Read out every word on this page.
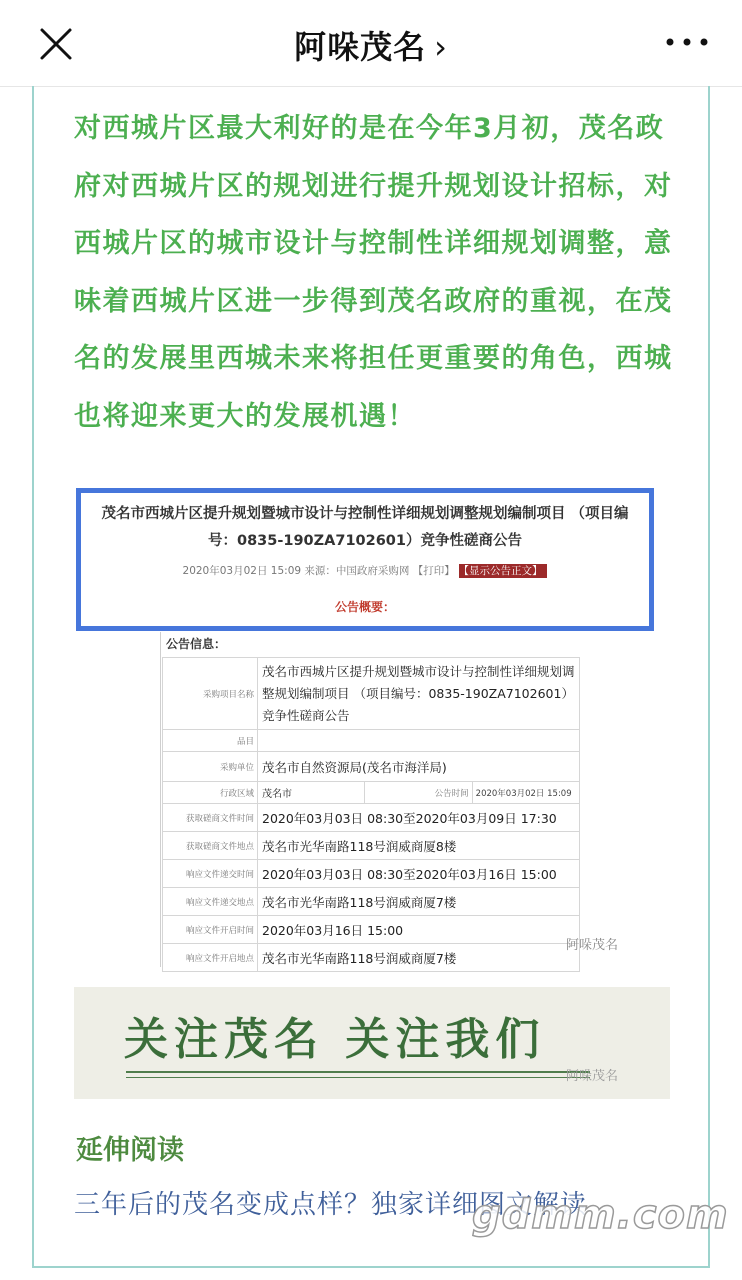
阿哚茂名 ›

对西城片区最大利好的是在今年3月初，茂名政府对西城片区的规划进行提升规划设计招标，对西城片区的城市设计与控制性详细规划调整，意味着西城片区进一步得到茂名政府的重视，在茂名的发展里西城未来将担任更重要的角色，西城也将迎来更大的发展机遇！

茂名市西城片区提升规划暨城市设计与控制性详细规划调整规划编制项目 （项目编号：0835-190ZA7102601）竞争性磋商公告

2020年03月02日 15:09 来源：中国政府采购网 【打印】 【显示公告正文】
公告概要：
公告信息：
采购项目名称	茂名市西城片区提升规划暨城市设计与控制性详细规划调整规划编制项目 （项目编号：0835-190ZA7102601）竞争性磋商公告		
品目			
采购单位	茂名市自然资源局(茂名市海洋局)		
行政区域	茂名市	公告时间	2020年03月02日 15:09
获取磋商文件时间	2020年03月03日 08:30至2020年03月09日 17:30		
获取磋商文件地点	茂名市光华南路118号润威商厦8楼		
响应文件递交时间	2020年03月03日 08:30至2020年03月16日 15:00		
响应文件递交地点	茂名市光华南路118号润威商厦7楼		
响应文件开启时间	2020年03月16日 15:00		
响应文件开启地点	茂名市光华南路118号润威商厦7楼		
阿哚茂名
关注茂名 关注我们
阿哚茂名
延伸阅读
三年后的茂名变成点样？独家详细图文解读
gdmm.com
